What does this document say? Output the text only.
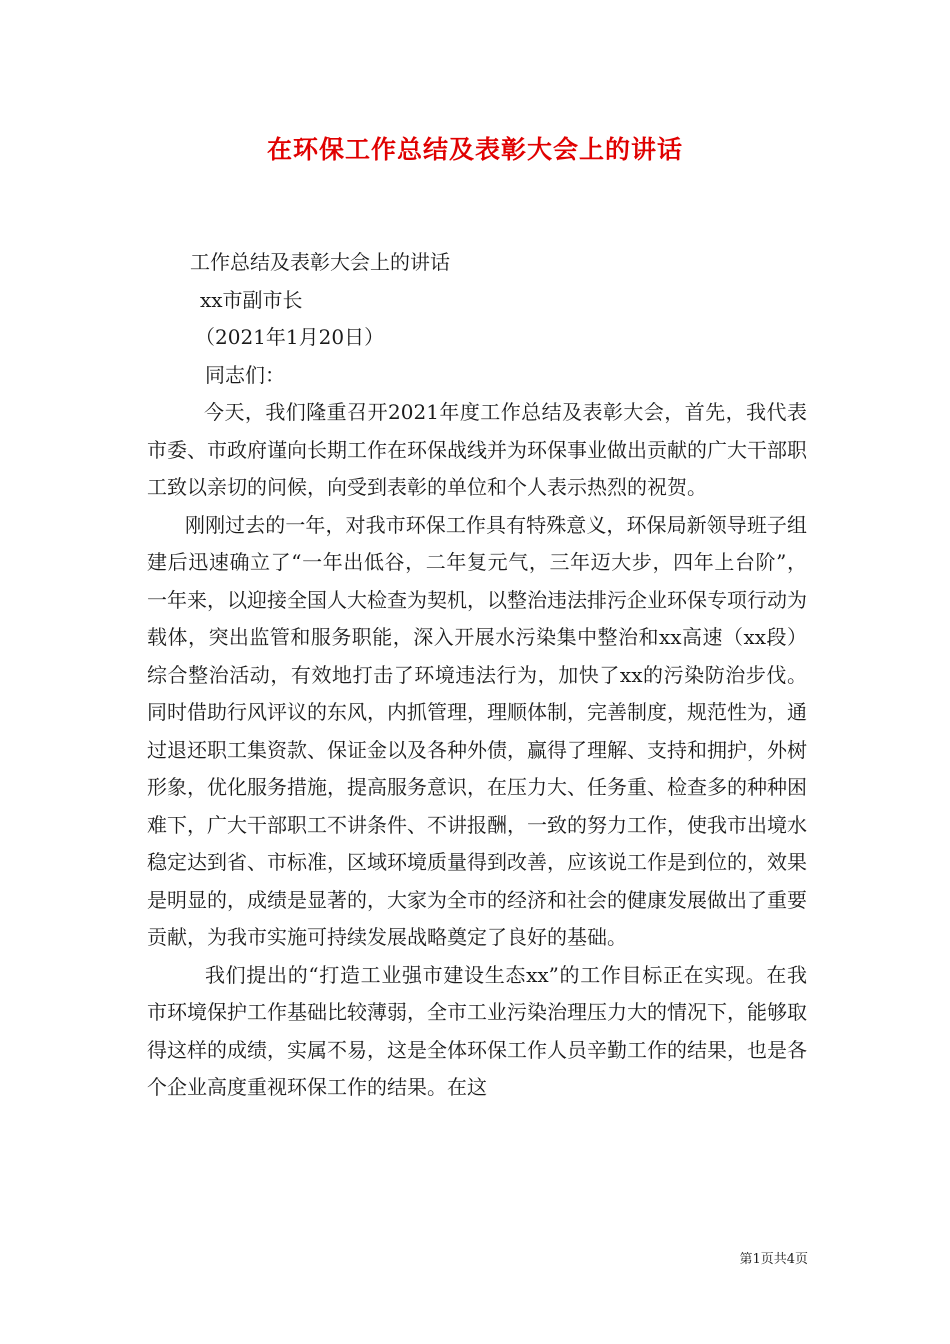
在环保工作总结及表彰大会上的讲话
工作总结及表彰大会上的讲话
xx市副市长
（2021年1月20日）
同志们：

今天，我们隆重召开2021年度工作总结及表彰大会，首先，我代表市委、市政府谨向长期工作在环保战线并为环保事业做出贡献的广大干部职工致以亲切的问候，向受到表彰的单位和个人表示热烈的祝贺。

刚刚过去的一年，对我市环保工作具有特殊意义，环保局新领导班子组建后迅速确立了“一年出低谷，二年复元气，三年迈大步，四年上台阶”，一年来，以迎接全国人大检查为契机，以整治违法排污企业环保专项行动为载体，突出监管和服务职能，深入开展水污染集中整治和xx高速（xx段）综合整治活动，有效地打击了环境违法行为，加快了xx的污染防治步伐。同时借助行风评议的东风，内抓管理，理顺体制，完善制度，规范性为，通过退还职工集资款、保证金以及各种外债，赢得了理解、支持和拥护，外树形象，优化服务措施，提高服务意识，在压力大、任务重、检查多的种种困难下，广大干部职工不讲条件、不讲报酬，一致的努力工作，使我市出境水稳定达到省、市标准，区域环境质量得到改善，应该说工作是到位的，效果是明显的，成绩是显著的，大家为全市的经济和社会的健康发展做出了重要贡献，为我市实施可持续发展战略奠定了良好的基础。

我们提出的“打造工业强市建设生态xx”的工作目标正在实现。在我市环境保护工作基础比较薄弱，全市工业污染治理压力大的情况下，能够取得这样的成绩，实属不易，这是全体环保工作人员辛勤工作的结果，也是各个企业高度重视环保工作的结果。在这

第1页共4页
